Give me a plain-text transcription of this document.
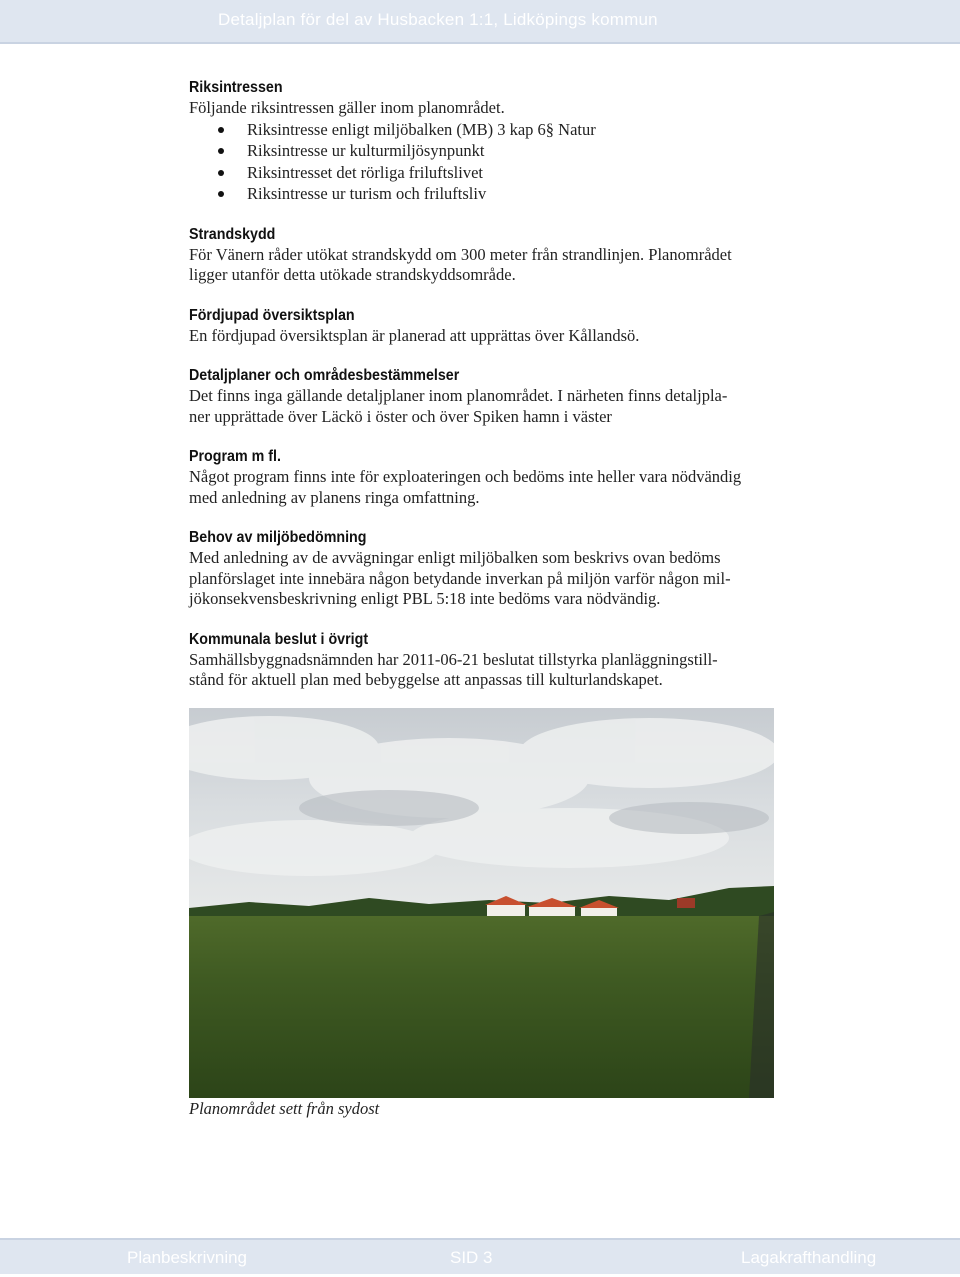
Detaljplan för del av Husbacken 1:1, Lidköpings kommun
Riksintressen
Följande riksintressen gäller inom planområdet.
Riksintresse enligt miljöbalken (MB) 3 kap 6§ Natur
Riksintresse ur kulturmiljösynpunkt
Riksintresset det rörliga friluftslivet
Riksintresse ur turism och friluftsliv
Strandskydd
För Vänern råder utökat strandskydd om 300 meter från strandlinjen. Planområdet
ligger utanför detta utökade strandskyddsområde.
Fördjupad översiktsplan
En fördjupad översiktsplan är planerad att upprättas över Kållandsö.
Detaljplaner och områdesbestämmelser
Det finns inga gällande detaljplaner inom planområdet. I närheten finns detaljpla-
ner upprättade över Läckö i öster och över Spiken hamn i väster
Program m fl.
Något program finns inte för exploateringen och bedöms inte heller vara nödvändig
med anledning av planens ringa omfattning.
Behov av miljöbedömning
Med anledning av de avvägningar enligt miljöbalken som beskrivs ovan bedöms
planförslaget inte innebära någon betydande inverkan på miljön varför någon mil-
jökonsekvensbeskrivning enligt PBL 5:18 inte bedöms vara nödvändig.
Kommunala beslut i övrigt
Samhällsbyggnadsnämnden har 2011-06-21 beslutat tillstyrka planläggningstill-
stånd för aktuell plan med bebyggelse att anpassas till kulturlandskapet.
Planområdet sett från sydost
Planbeskrivning	SID 3	Lagakrafthandling
